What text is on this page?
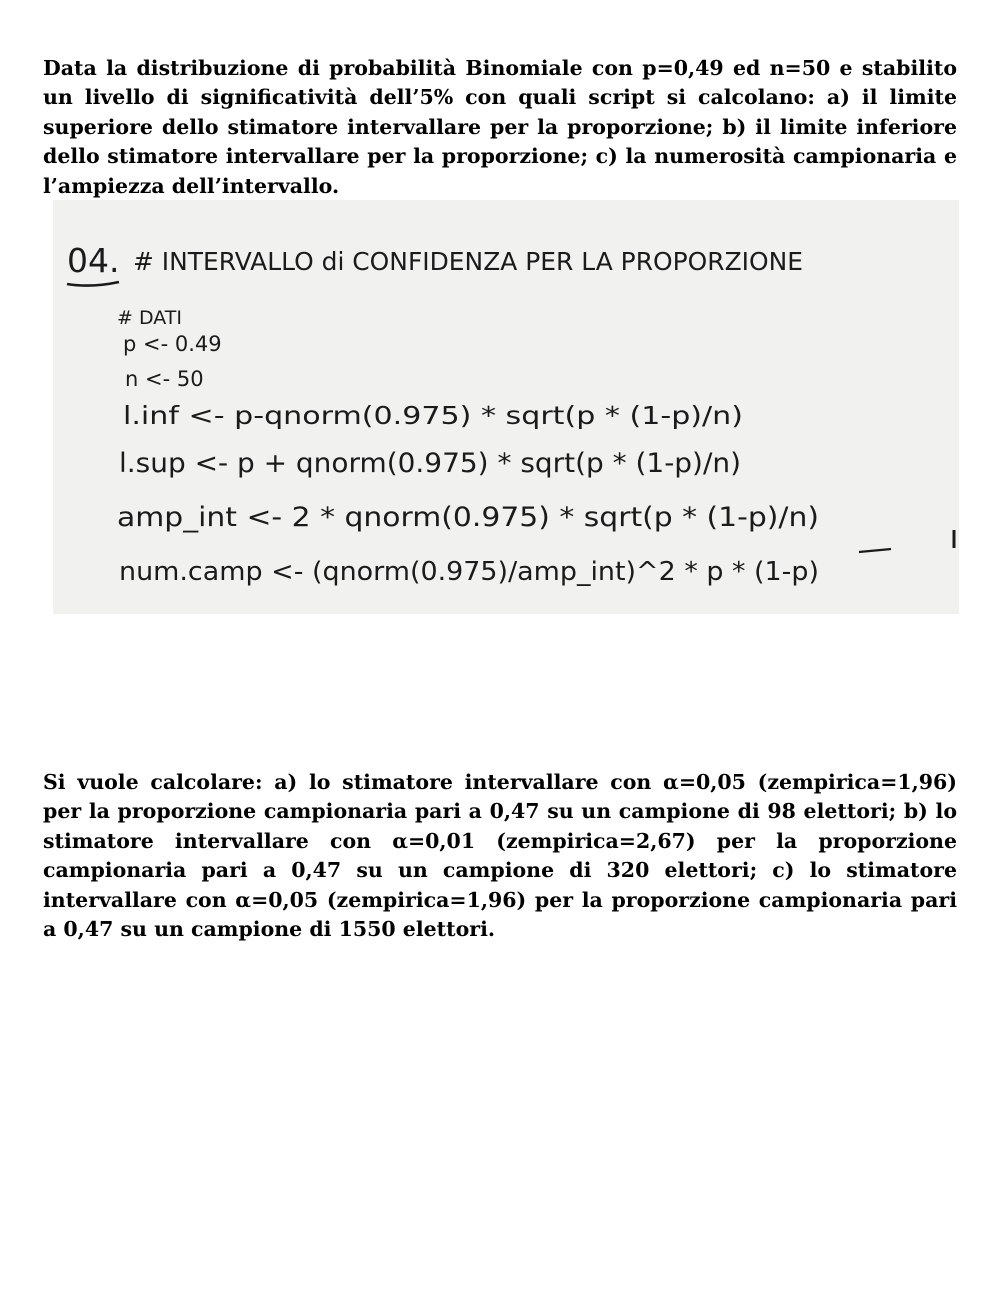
Data la distribuzione di probabilità Binomiale con p=0,49 ed n=50 e stabilito un livello di significatività dell’5% con quali script si calcolano: a) il limite superiore dello stimatore intervallare per la proporzione; b) il limite inferiore dello stimatore intervallare per la proporzione; c) la numerosità campionaria e l’ampiezza dell’intervallo.
04. # INTERVALLO di CONFIDENZA PER LA PROPORZIONE
# DATI
p <- 0.49
n <- 50
l.inf <- p-qnorm(0.975) * sqrt(p * (1-p)/n)
l.sup <- p + qnorm(0.975) * sqrt(p * (1-p)/n)
amp_int <- 2 * qnorm(0.975) * sqrt(p * (1-p)/n)
num.camp <- (qnorm(0.975)/amp_int)^2 * p * (1-p)
Si vuole calcolare: a) lo stimatore intervallare con α=0,05 (zempirica=1,96) per la proporzione campionaria pari a 0,47 su un campione di 98 elettori; b) lo stimatore intervallare con α=0,01 (zempirica=2,67) per la proporzione campionaria pari a 0,47 su un campione di 320 elettori; c) lo stimatore intervallare con α=0,05 (zempirica=1,96) per la proporzione campionaria pari a 0,47 su un campione di 1550 elettori.
